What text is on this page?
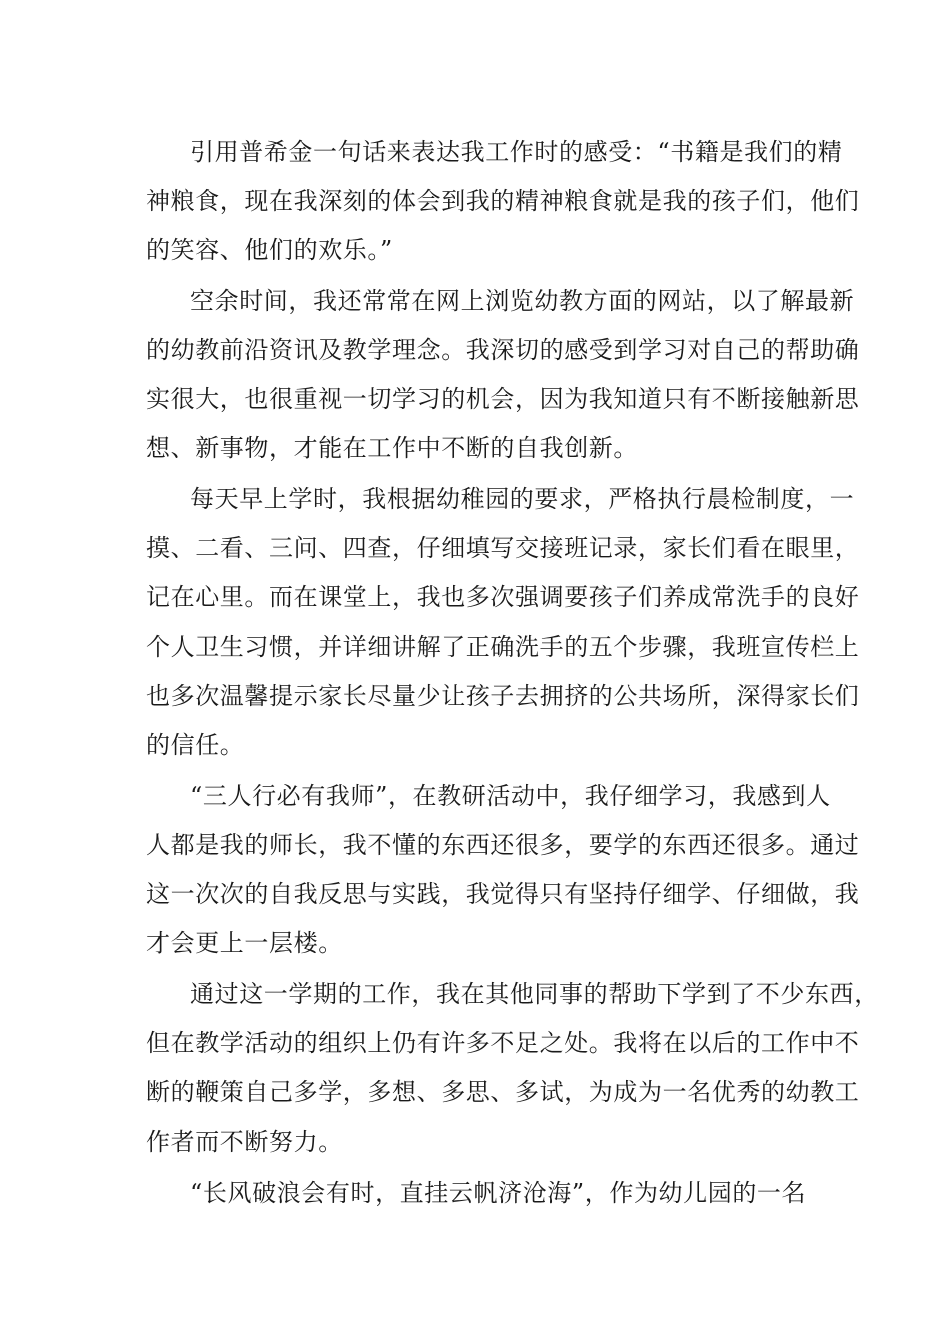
引用普希金一句话来表达我工作时的感受：“书籍是我们的精
神粮食，现在我深刻的体会到我的精神粮食就是我的孩子们，他们
的笑容、他们的欢乐。”
空余时间，我还常常在网上浏览幼教方面的网站，以了解最新
的幼教前沿资讯及教学理念。我深切的感受到学习对自己的帮助确
实很大，也很重视一切学习的机会，因为我知道只有不断接触新思
想、新事物，才能在工作中不断的自我创新。
每天早上学时，我根据幼稚园的要求，严格执行晨检制度，一
摸、二看、三问、四查，仔细填写交接班记录，家长们看在眼里，
记在心里。而在课堂上，我也多次强调要孩子们养成常洗手的良好
个人卫生习惯，并详细讲解了正确洗手的五个步骤，我班宣传栏上
也多次温馨提示家长尽量少让孩子去拥挤的公共场所，深得家长们
的信任。
“三人行必有我师”，在教研活动中，我仔细学习，我感到人
人都是我的师长，我不懂的东西还很多，要学的东西还很多。通过
这一次次的自我反思与实践，我觉得只有坚持仔细学、仔细做，我
才会更上一层楼。
通过这一学期的工作，我在其他同事的帮助下学到了不少东西，
但在教学活动的组织上仍有许多不足之处。我将在以后的工作中不
断的鞭策自己多学，多想、多思、多试，为成为一名优秀的幼教工
作者而不断努力。
“长风破浪会有时，直挂云帆济沧海”，作为幼儿园的一名
